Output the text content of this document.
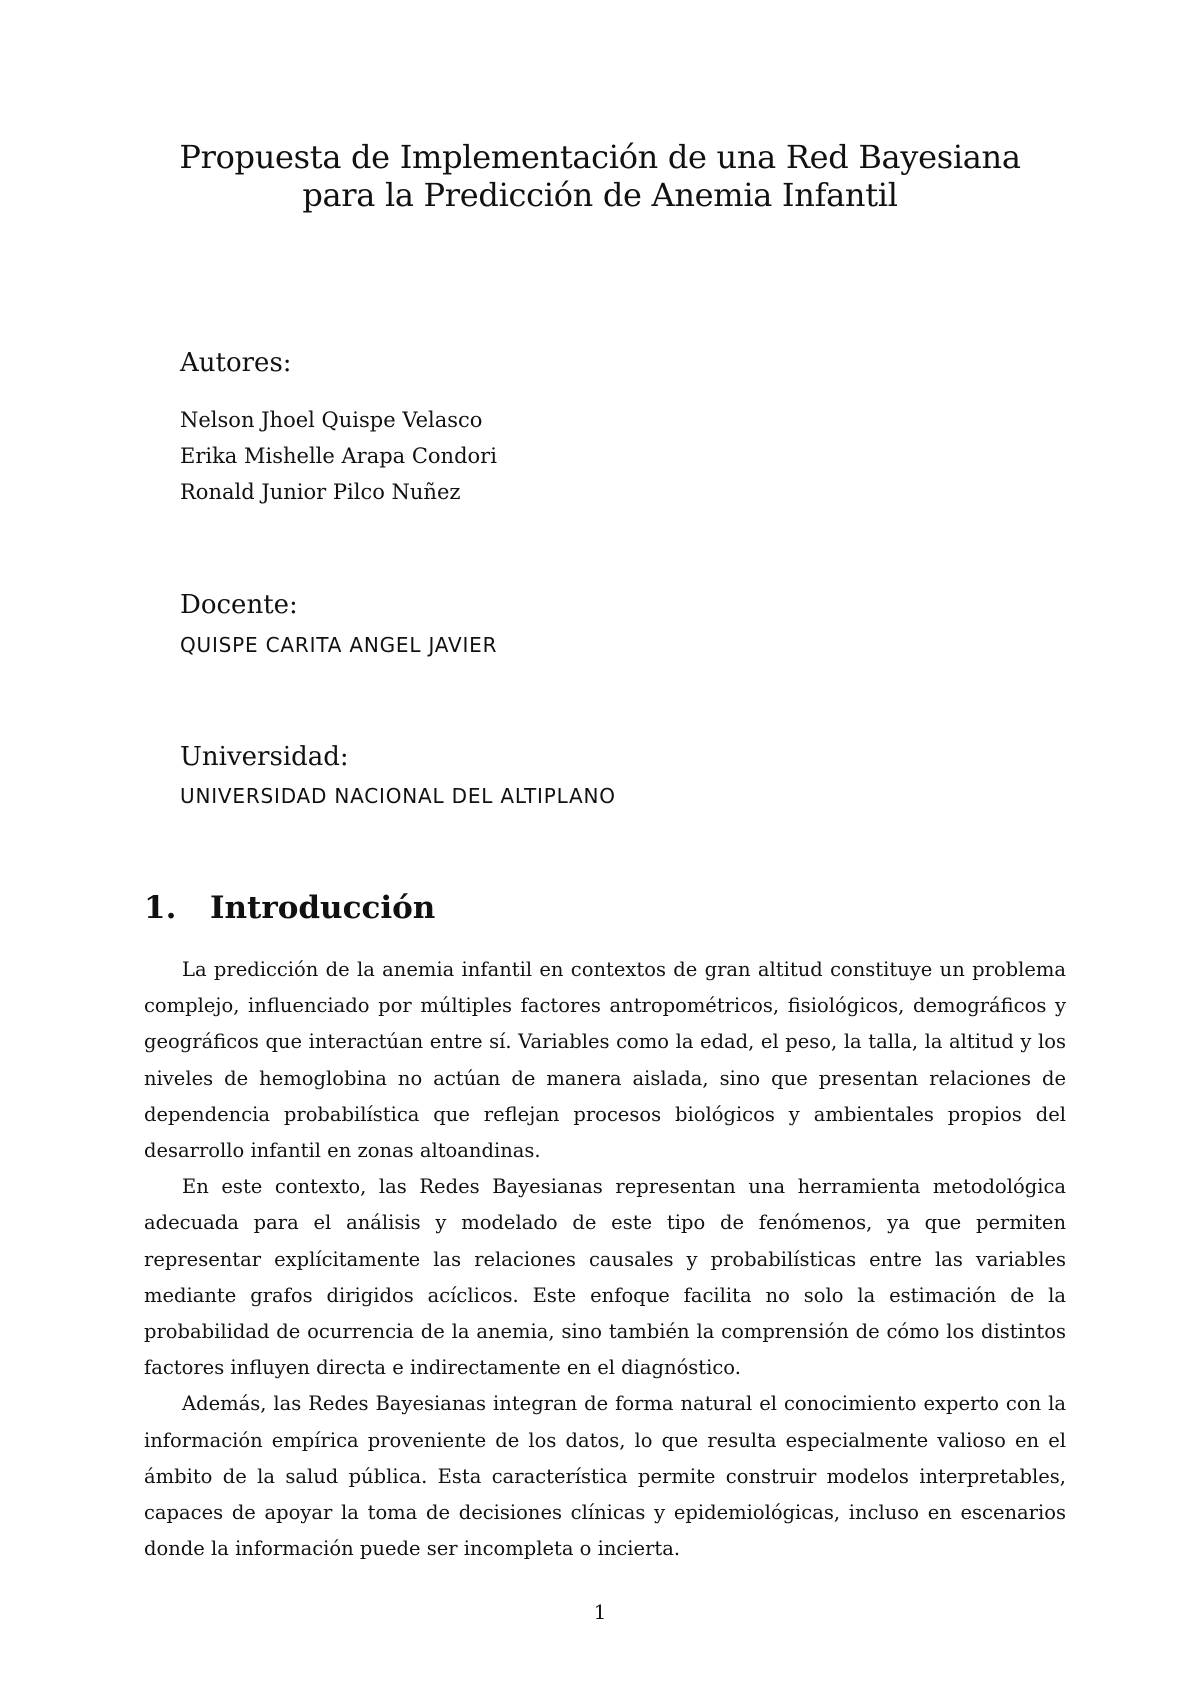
Propuesta de Implementación de una Red Bayesiana
para la Predicción de Anemia Infantil
Autores:
Nelson Jhoel Quispe Velasco
Erika Mishelle Arapa Condori
Ronald Junior Pilco Nuñez
Docente:
QUISPE CARITA ANGEL JAVIER
Universidad:
UNIVERSIDAD NACIONAL DEL ALTIPLANO
1. Introducción

La predicción de la anemia infantil en contextos de gran altitud constituye un problema complejo, influenciado por múltiples factores antropométricos, fisiológicos, demográficos y geográficos que interactúan entre sí. Variables como la edad, el peso, la talla, la altitud y los niveles de hemoglobina no actúan de manera aislada, sino que presentan relaciones de dependencia probabilística que reflejan procesos biológicos y ambientales propios del desarrollo infantil en zonas altoandinas.

En este contexto, las Redes Bayesianas representan una herramienta metodológica adecuada para el análisis y modelado de este tipo de fenómenos, ya que permiten representar explícitamente las relaciones causales y probabilísticas entre las variables mediante grafos dirigidos acíclicos. Este enfoque facilita no solo la estimación de la probabilidad de ocurrencia de la anemia, sino también la comprensión de cómo los distintos factores influyen directa e indirectamente en el diagnóstico.

Además, las Redes Bayesianas integran de forma natural el conocimiento experto con la información empírica proveniente de los datos, lo que resulta especialmente valioso en el ámbito de la salud pública. Esta característica permite construir modelos interpretables, capaces de apoyar la toma de decisiones clínicas y epidemiológicas, incluso en escenarios donde la información puede ser incompleta o incierta.

1
